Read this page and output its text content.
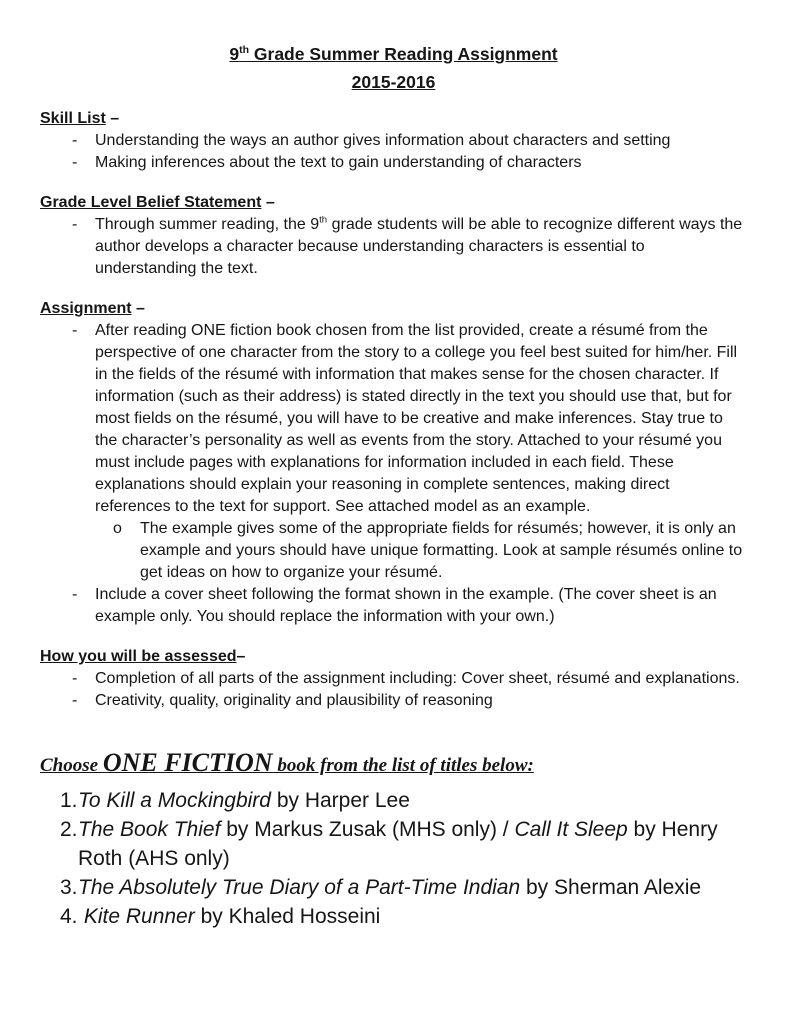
9th Grade Summer Reading Assignment
2015-2016
Skill List –
-	Understanding the ways an author gives information about characters and setting
-	Making inferences about the text to gain understanding of characters
Grade Level Belief Statement –
-	Through summer reading, the 9th grade students will be able to recognize different ways the author develops a character because understanding characters is essential to understanding the text.
Assignment –
-	After reading ONE fiction book chosen from the list provided, create a résumé from the perspective of one character from the story to a college you feel best suited for him/her. Fill in the fields of the résumé with information that makes sense for the chosen character. If information (such as their address) is stated directly in the text you should use that, but for most fields on the résumé, you will have to be creative and make inferences. Stay true to the character’s personality as well as events from the story. Attached to your résumé you must include pages with explanations for information included in each field. These explanations should explain your reasoning in complete sentences, making direct references to the text for support. See attached model as an example.
o	The example gives some of the appropriate fields for résumés; however, it is only an example and yours should have unique formatting. Look at sample résumés online to get ideas on how to organize your résumé.
-	Include a cover sheet following the format shown in the example. (The cover sheet is an example only. You should replace the information with your own.)
How you will be assessed–
-	Completion of all parts of the assignment including: Cover sheet, résumé and explanations.
-	Creativity, quality, originality and plausibility of reasoning
Choose ONE FICTION book from the list of titles below:
1. To Kill a Mockingbird by Harper Lee
2. The Book Thief by Markus Zusak (MHS only) / Call It Sleep by Henry Roth (AHS only)
3. The Absolutely True Diary of a Part-Time Indian by Sherman Alexie
4. Kite Runner by Khaled Hosseini
